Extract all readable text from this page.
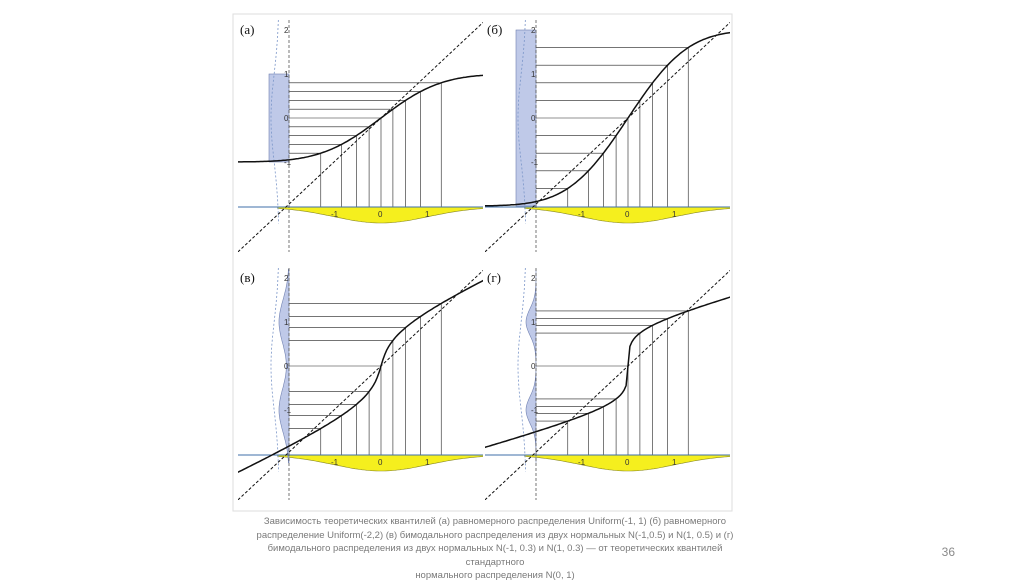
-1	0	1
2
1
0
-1
-1	0	1
2
1
0
-1
-1	0	1
2
1
0
-1
-1	0	1
2
1
0
-1
(а)	(б)
(в)	(г)
Зависимость теоретических квантилей (а) равномерного распределения Uniform(-1, 1) (б) равномерного
распределение Uniform(-2,2) (в) бимодального распределения из двух нормальных N(-1,0.5) и N(1, 0.5) и (г)
бимодального распределения из двух нормальных N(-1, 0.3) и N(1, 0.3) — от теоретических квантилей стандартного
нормального распределения N(0, 1)
36
